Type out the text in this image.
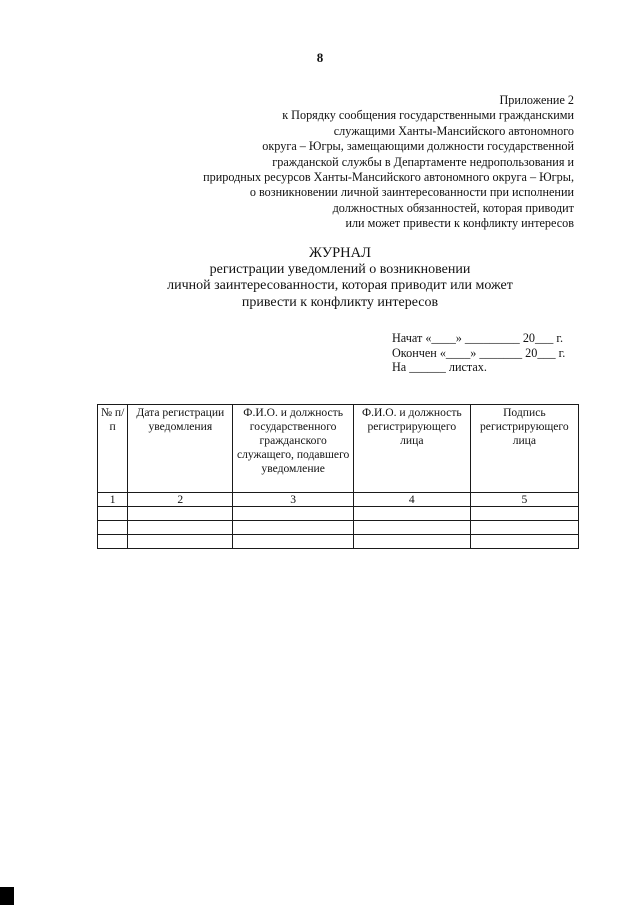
8
Приложение 2
к Порядку сообщения государственными гражданскими
служащими Ханты-Мансийского автономного
округа – Югры, замещающими должности государственной
гражданской службы в Департаменте недропользования и
природных ресурсов Ханты-Мансийского автономного округа – Югры,
о возникновении личной заинтересованности при исполнении
должностных обязанностей, которая приводит
или может привести к конфликту интересов
ЖУРНАЛ
регистрации уведомлений о возникновении
личной заинтересованности, которая приводит или может
привести к конфликту интересов
Начат «____» _________ 20___ г.
Окончен «____» _______ 20___ г.
На ______ листах.
№ п/п	Дата регистрации уведомления	Ф.И.О. и должность государственного гражданского служащего, подавшего уведомление	Ф.И.О. и должность регистрирующего лица	Подпись регистрирующего лица
1	2	3	4	5
